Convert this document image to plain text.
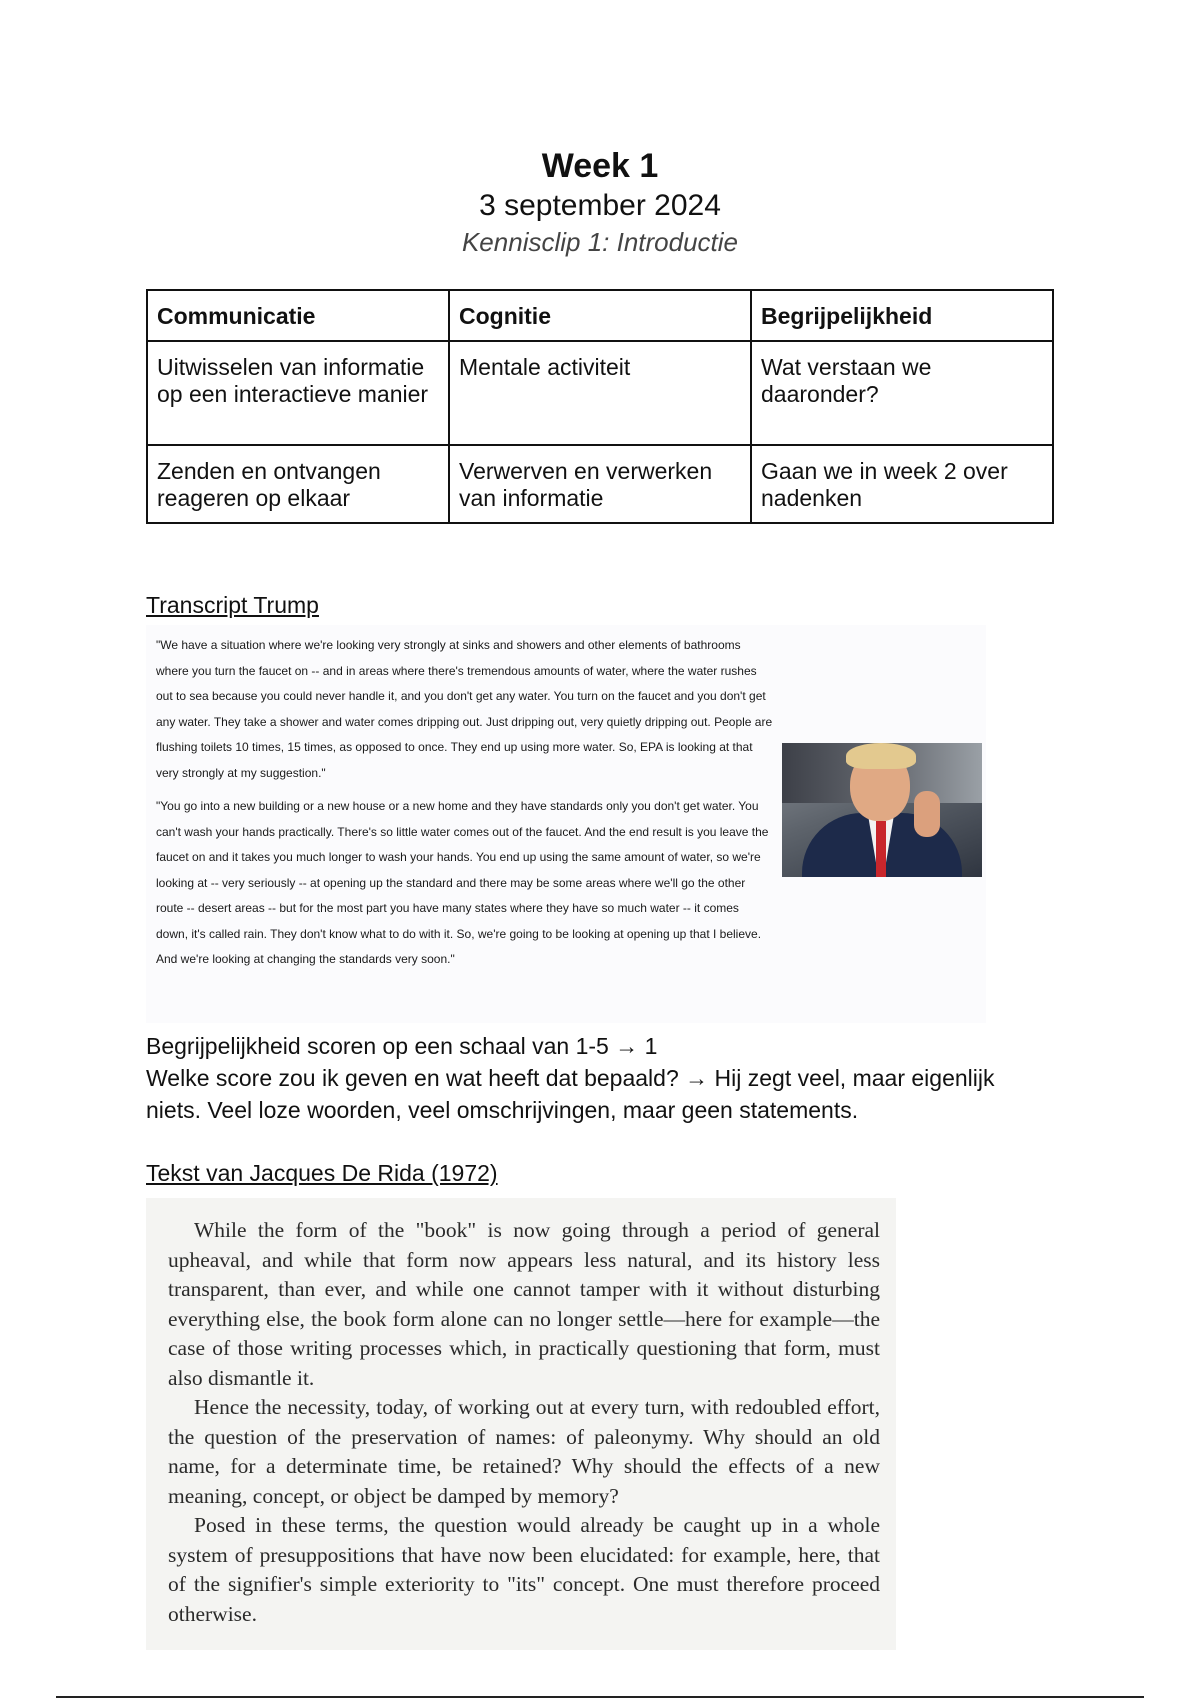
Week 1
3 september 2024
Kennisclip 1: Introductie
Communicatie	Cognitie	Begrijpelijkheid
Uitwisselen van informatie op een interactieve manier	Mentale activiteit	Wat verstaan we daaronder?
Zenden en ontvangen reageren op elkaar	Verwerven en verwerken van informatie	Gaan we in week 2 over nadenken
Transcript Trump

"We have a situation where we're looking very strongly at sinks and showers and other elements of bathrooms where you turn the faucet on -- and in areas where there's tremendous amounts of water, where the water rushes out to sea because you could never handle it, and you don't get any water. You turn on the faucet and you don't get any water. They take a shower and water comes dripping out. Just dripping out, very quietly dripping out. People are flushing toilets 10 times, 15 times, as opposed to once. They end up using more water. So, EPA is looking at that very strongly at my suggestion."

"You go into a new building or a new house or a new home and they have standards only you don't get water. You can't wash your hands practically. There's so little water comes out of the faucet. And the end result is you leave the faucet on and it takes you much longer to wash your hands. You end up using the same amount of water, so we're looking at -- very seriously -- at opening up the standard and there may be some areas where we'll go the other route -- desert areas -- but for the most part you have many states where they have so much water -- it comes down, it's called rain. They don't know what to do with it. So, we're going to be looking at opening up that I believe. And we're looking at changing the standards very soon."

Begrijpelijkheid scoren op een schaal van 1-5 → 1
Welke score zou ik geven en wat heeft dat bepaald? → Hij zegt veel, maar eigenlijk niets. Veel loze woorden, veel omschrijvingen, maar geen statements.
Tekst van Jacques De Rida (1972)

While the form of the "book" is now going through a period of general upheaval, and while that form now appears less natural, and its history less transparent, than ever, and while one cannot tamper with it without disturbing everything else, the book form alone can no longer settle—here for example—the case of those writing processes which, in practically questioning that form, must also dismantle it.

Hence the necessity, today, of working out at every turn, with redoubled effort, the question of the preservation of names: of paleonymy. Why should an old name, for a determinate time, be retained? Why should the effects of a new meaning, concept, or object be damped by memory?

Posed in these terms, the question would already be caught up in a whole system of presuppositions that have now been elucidated: for example, here, that of the signifier's simple exteriority to "its" concept. One must therefore proceed otherwise.
